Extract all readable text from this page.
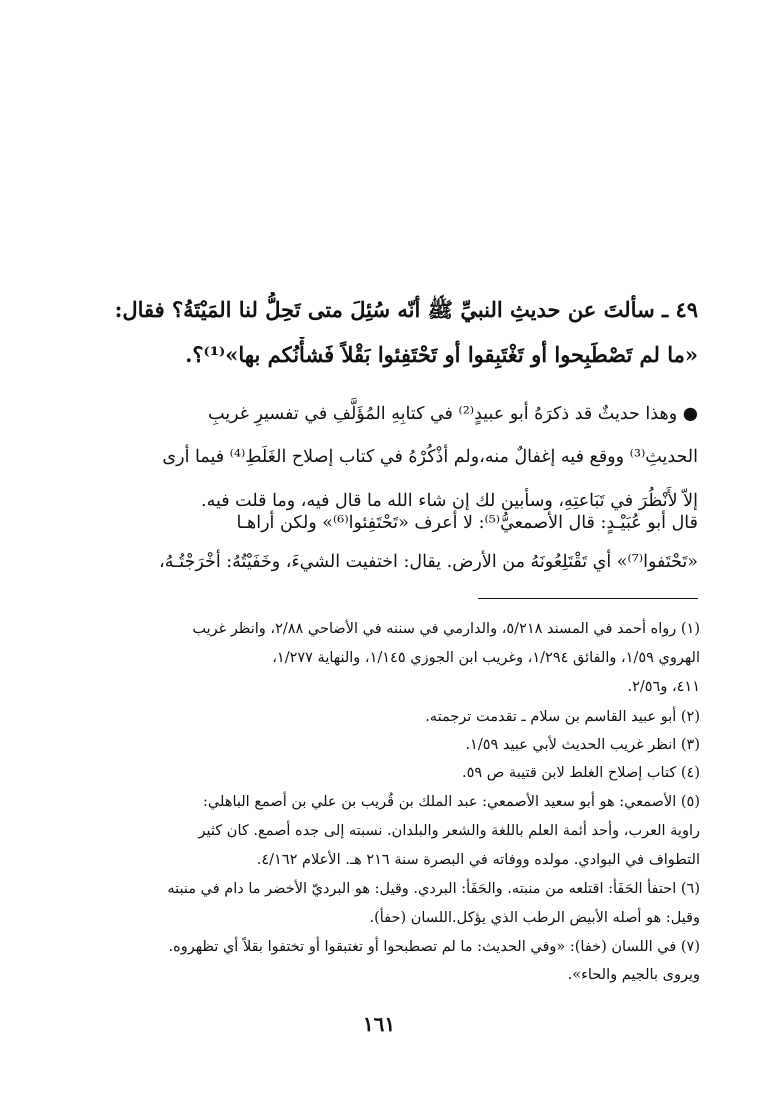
٤٩ ـ سألتَ عن حديثِ النبيِّ ﷺ أنّه سُئِلَ متى تَحِلُّ لنا المَيْتَةُ؟ فقال:
«ما لم تَصْطَبِحوا أو تَغْتَبِقوا أو تَحْتَفِئوا بَقْلاً فَشأْنُكم بها»⁽¹⁾؟.
● وهذا حديثٌ قد ذكرَهُ أبو عبيدٍ⁽²⁾ في كتابِهِ المُؤَلَّفِ في تفسيرِ غريبِ
الحديثِ⁽³⁾ ووقع فيه إغفالٌ منه،ولم أذْكُرْهُ في كتاب إصلاح الغَلَطِ⁽⁴⁾ فيما أرى
إلاّ لأَنْظُرَ في تَبَاعتِهِ، وسأبين لك إن شاء الله ما قال فيه، وما قلت فيه.
قال أبو عُبَيْـدٍ: قال الأصمعيُّ⁽⁵⁾: لا أعرف «تَحْتَفِئوا⁽⁶⁾» ولكن أراهـا
«تَحْتَفوا⁽⁷⁾» أي تَقْتَلِعُونَهُ من الأرض. يقال: اختفيت الشيءَ، وخَفَيْتُهُ: أخْرَجْتُـهُ،
(١) رواه أحمد في المسند ٥/٢١٨، والدارمي في سننه في الأضاحي ٢/٨٨، وانظر غريب
الهروي ١/٥٩، والفائق ١/٢٩٤، وغريب ابن الجوزي ١/١٤٥، والنهاية ١/٢٧٧،
٤١١، و٢/٥٦.
(٢) أبو عبيد القاسم بن سلام ـ تقدمت ترجمته.
(٣) انظر غريب الحديث لأبي عبيد ١/٥٩.
(٤) كتاب إصلاح الغلط لابن قتيبة ص ٥٩.
(٥) الأصمعي: هو أبو سعيد الأصمعي: عبد الملك بن قُريب بن علي بن أصمع الباهلي:
راوية العرب، وأحد أئمة العلم باللغة والشعر والبلدان. نسبته إلى جده أصمع. كان كثير
التطواف في البوادي. مولده ووفاته في البصرة سنة ٢١٦ هـ. الأعلام ٤/١٦٢.
(٦) احتفأ الحَفَأ: اقتلعه من منبته. والحَفَأ: البردي. وقيل: هو البرديّ الأخضر ما دام في منبته
وقيل: هو أصله الأبيض الرطب الذي يؤكل.اللسان (حفأ).
(٧) في اللسان (خفا): «وفي الحديث: ما لم تصطبحوا أو تغتبقوا أو تختفوا بقلاً أي تظهروه.
ويروى بالجيم والحاء».
١٦١
